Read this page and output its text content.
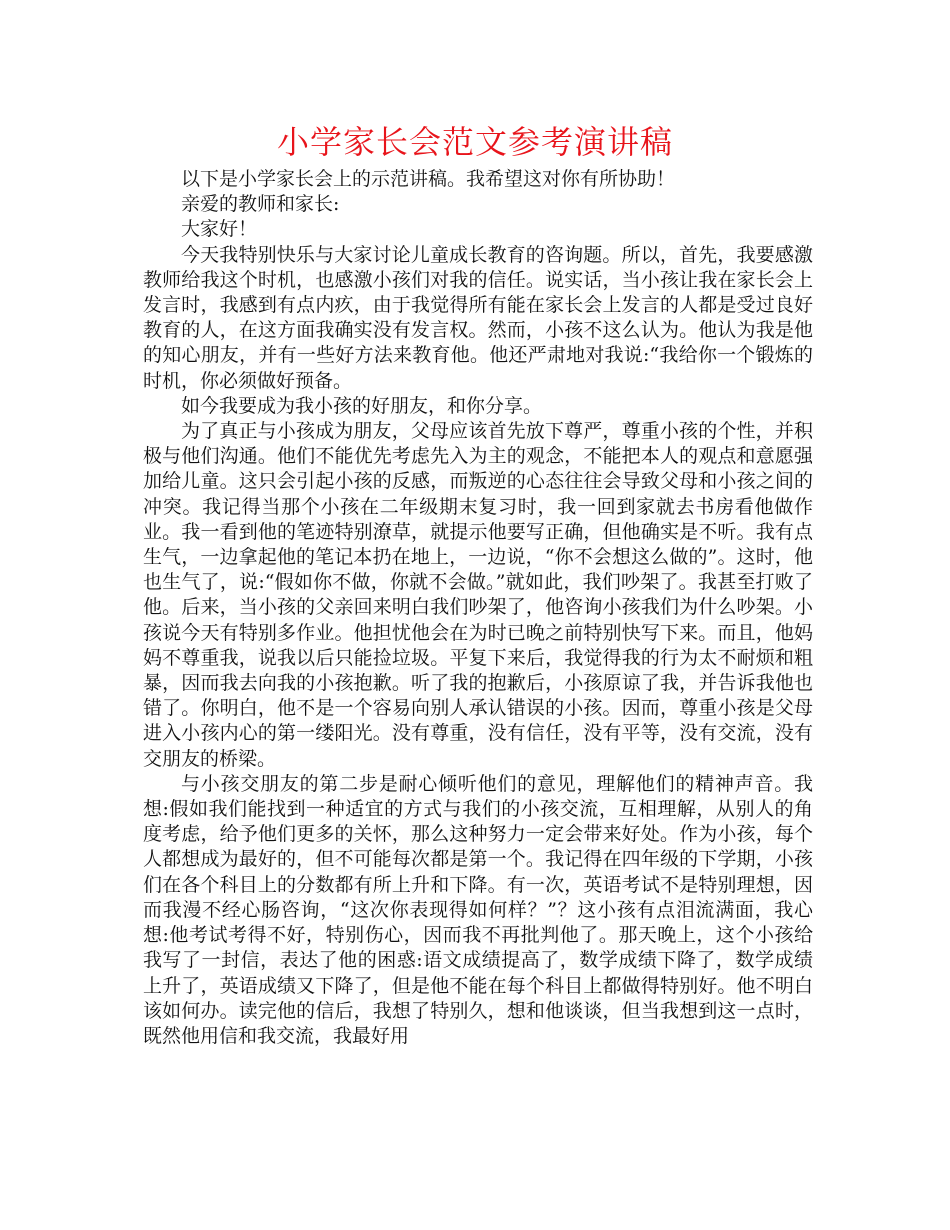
小学家长会范文参考演讲稿

以下是小学家长会上的示范讲稿。我希望这对你有所协助！

亲爱的教师和家长:

大家好！

今天我特别快乐与大家讨论儿童成长教育的咨询题。所以，首先，我要感激教师给我这个时机，也感激小孩们对我的信任。说实话，当小孩让我在家长会上发言时，我感到有点内疚，由于我觉得所有能在家长会上发言的人都是受过良好教育的人，在这方面我确实没有发言权。然而，小孩不这么认为。他认为我是他的知心朋友，并有一些好方法来教育他。他还严肃地对我说:“我给你一个锻炼的时机，你必须做好预备。

如今我要成为我小孩的好朋友，和你分享。

为了真正与小孩成为朋友，父母应该首先放下尊严，尊重小孩的个性，并积极与他们沟通。他们不能优先考虑先入为主的观念，不能把本人的观点和意愿强加给儿童。这只会引起小孩的反感，而叛逆的心态往往会导致父母和小孩之间的冲突。我记得当那个小孩在二年级期末复习时，我一回到家就去书房看他做作业。我一看到他的笔迹特别潦草，就提示他要写正确，但他确实是不听。我有点生气，一边拿起他的笔记本扔在地上，一边说，“你不会想这么做的”。这时，他也生气了，说:“假如你不做，你就不会做。”就如此，我们吵架了。我甚至打败了他。后来，当小孩的父亲回来明白我们吵架了，他咨询小孩我们为什么吵架。小孩说今天有特别多作业。他担忧他会在为时已晚之前特别快写下来。而且，他妈妈不尊重我，说我以后只能捡垃圾。平复下来后，我觉得我的行为太不耐烦和粗暴，因而我去向我的小孩抱歉。听了我的抱歉后，小孩原谅了我，并告诉我他也错了。你明白，他不是一个容易向别人承认错误的小孩。因而，尊重小孩是父母进入小孩内心的第一缕阳光。没有尊重，没有信任，没有平等，没有交流，没有交朋友的桥梁。

与小孩交朋友的第二步是耐心倾听他们的意见，理解他们的精神声音。我想:假如我们能找到一种适宜的方式与我们的小孩交流，互相理解，从别人的角度考虑，给予他们更多的关怀，那么这种努力一定会带来好处。作为小孩，每个人都想成为最好的，但不可能每次都是第一个。我记得在四年级的下学期，小孩们在各个科目上的分数都有所上升和下降。有一次，英语考试不是特别理想，因而我漫不经心肠咨询，“这次你表现得如何样？”？这小孩有点泪流满面，我心想:他考试考得不好，特别伤心，因而我不再批判他了。那天晚上，这个小孩给我写了一封信，表达了他的困惑:语文成绩提高了，数学成绩下降了，数学成绩上升了，英语成绩又下降了，但是他不能在每个科目上都做得特别好。他不明白该如何办。读完他的信后，我想了特别久，想和他谈谈，但当我想到这一点时，既然他用信和我交流，我最好用
